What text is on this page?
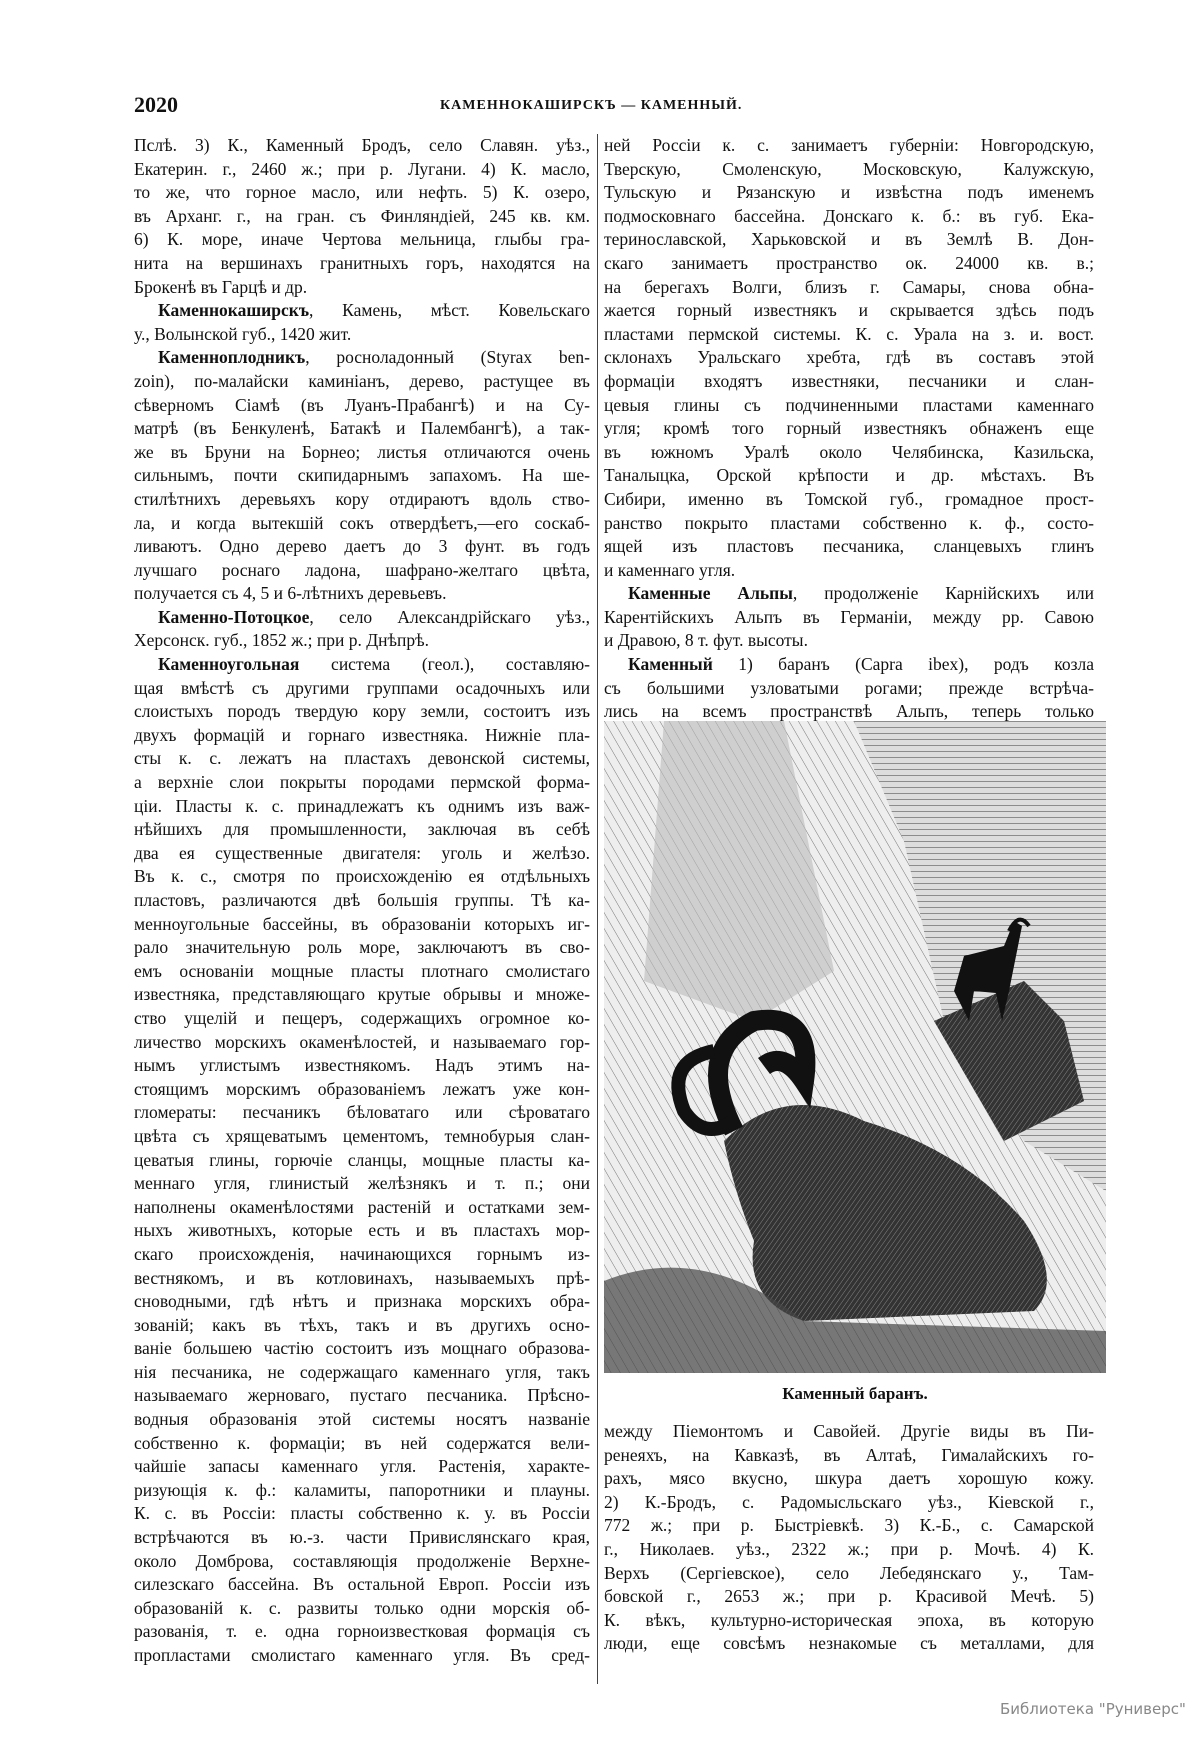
2020	КАМЕННОКАШИРСКЪ — КАМЕННЫЙ.
Пслѣ. 3) К., Каменный Бродъ, село Славян. уѣз.,
Екатерин. г., 2460 ж.; при р. Лугани. 4) К. масло,
то же, что горное масло, или нефть. 5) К. озеро,
въ Арханг. г., на гран. съ Финляндіей, 245 кв. км.
6) К. море, иначе Чертова мельница, глыбы гра-
нита на вершинахъ гранитныхъ горъ, находятся на
Брокенѣ въ Гарцѣ и др.
Каменнокаширскъ, Камень, мѣст. Ковельскаго
у., Волынской губ., 1420 жит.
Каменноплодникъ, росноладонный (Styrax ben-
zoin), по-малайски каминіанъ, дерево, растущее въ
сѣверномъ Сіамѣ (въ Луанъ-Прабангѣ) и на Су-
матрѣ (въ Бенкуленѣ, Батакѣ и Палембангѣ), а так-
же въ Бруни на Борнео; листья отличаются очень
сильнымъ, почти скипидарнымъ запахомъ. На ше-
стилѣтнихъ деревьяхъ кору отдираютъ вдоль ство-
ла, и когда вытекшій сокъ отвердѣетъ,—его соскаб-
ливаютъ. Одно дерево даетъ до 3 фунт. въ годъ
лучшаго роснаго ладона, шафрано-желтаго цвѣта,
получается съ 4, 5 и 6-лѣтнихъ деревьевъ.
Каменно-Потоцкое, село Александрійскаго уѣз.,
Херсонск. губ., 1852 ж.; при р. Днѣпрѣ.
Каменноугольная система (геол.), составляю-
щая вмѣстѣ съ другими группами осадочныхъ или
слоистыхъ породъ твердую кору земли, состоитъ изъ
двухъ формацій и горнаго известняка. Нижніе пла-
сты к. с. лежатъ на пластахъ девонской системы,
а верхніе слои покрыты породами пермской форма-
ціи. Пласты к. с. принадлежатъ къ однимъ изъ важ-
нѣйшихъ для промышленности, заключая въ себѣ
два ея существенные двигателя: уголь и желѣзо.
Въ к. с., смотря по происхожденію ея отдѣльныхъ
пластовъ, различаются двѣ большія группы. Тѣ ка-
менноугольные бассейны, въ образованіи которыхъ иг-
рало значительную роль море, заключаютъ въ сво-
емъ основаніи мощные пласты плотнаго смолистаго
известняка, представляющаго крутые обрывы и множе-
ство ущелій и пещеръ, содержащихъ огромное ко-
личество морскихъ окаменѣлостей, и называемаго гор-
нымъ углистымъ известнякомъ. Надъ этимъ на-
стоящимъ морскимъ образованіемъ лежатъ уже кон-
гломераты: песчаникъ бѣловатаго или сѣроватаго
цвѣта съ хрящеватымъ цементомъ, темнобурыя слан-
цеватыя глины, горючіе сланцы, мощные пласты ка-
меннаго угля, глинистый желѣзнякъ и т. п.; они
наполнены окаменѣлостями растеній и остатками зем-
ныхъ животныхъ, которые есть и въ пластахъ мор-
скаго происхожденія, начинающихся горнымъ из-
вестнякомъ, и въ котловинахъ, называемыхъ прѣ-
сноводными, гдѣ нѣтъ и признака морскихъ обра-
зованій; какъ въ тѣхъ, такъ и въ другихъ осно-
ваніе большею частію состоитъ изъ мощнаго образова-
нія песчаника, не содержащаго каменнаго угля, такъ
называемаго жерноваго, пустаго песчаника. Прѣсно-
водныя образованія этой системы носятъ названіе
собственно к. формаціи; въ ней содержатся вели-
чайшіе запасы каменнаго угля. Растенія, характе-
ризующія к. ф.: каламиты, папоротники и плауны.
К. с. въ Россіи: пласты собственно к. у. въ Россіи
встрѣчаются въ ю.-з. части Привислянскаго края,
около Домброва, составляющія продолженіе Верхне-
силезскаго бассейна. Въ остальной Европ. Россіи изъ
образованій к. с. развиты только одни морскія об-
разованія, т. е. одна горноизвестковая формація съ
пропластами смолистаго каменнаго угля. Въ сред-
ней Россіи к. с. занимаетъ губерніи: Новгородскую,
Тверскую, Смоленскую, Московскую, Калужскую,
Тульскую и Рязанскую и извѣстна подъ именемъ
подмосковнаго бассейна. Донскаго к. б.: въ губ. Ека-
теринославской, Харьковской и въ Землѣ В. Дон-
скаго занимаетъ пространство ок. 24000 кв. в.;
на берегахъ Волги, близъ г. Самары, снова обна-
жается горный известнякъ и скрывается здѣсь подъ
пластами пермской системы. К. с. Урала на з. и. вост.
склонахъ Уральскаго хребта, гдѣ въ составъ этой
формаціи входятъ известняки, песчаники и слан-
цевыя глины съ подчиненными пластами каменнаго
угля; кромѣ того горный известнякъ обнаженъ еще
въ южномъ Уралѣ около Челябинска, Казильска,
Таналыцка, Орской крѣпости и др. мѣстахъ. Въ
Сибири, именно въ Томской губ., громадное прост-
ранство покрыто пластами собственно к. ф., состо-
ящей изъ пластовъ песчаника, сланцевыхъ глинъ
и каменнаго угля.
Каменные Альпы, продолженіе Карнійскихъ или
Карентійскихъ Альпъ въ Германіи, между рр. Савою
и Дравою, 8 т. фут. высоты.
Каменный 1) баранъ (Capra ibex), родъ козла
съ большими узловатыми рогами; прежде встрѣча-
лись на всемъ пространствѣ Альпъ, теперь только
Каменный баранъ.
между Піемонтомъ и Савойей. Другіе виды въ Пи-
ренеяхъ, на Кавказѣ, въ Алтаѣ, Гималайскихъ го-
рахъ, мясо вкусно, шкура даетъ хорошую кожу.
2) К.-Бродъ, с. Радомысльскаго уѣз., Кіевской г.,
772 ж.; при р. Быстріевкѣ. 3) К.-Б., с. Самарской
г., Николаев. уѣз., 2322 ж.; при р. Мочѣ. 4) К.
Верхъ (Сергіевское), село Лебедянскаго у., Там-
бовской г., 2653 ж.; при р. Красивой Мечѣ. 5)
К. вѣкъ, культурно-историческая эпоха, въ которую
люди, еще совсѣмъ незнакомые съ металлами, для
Библиотека "Руниверс"
